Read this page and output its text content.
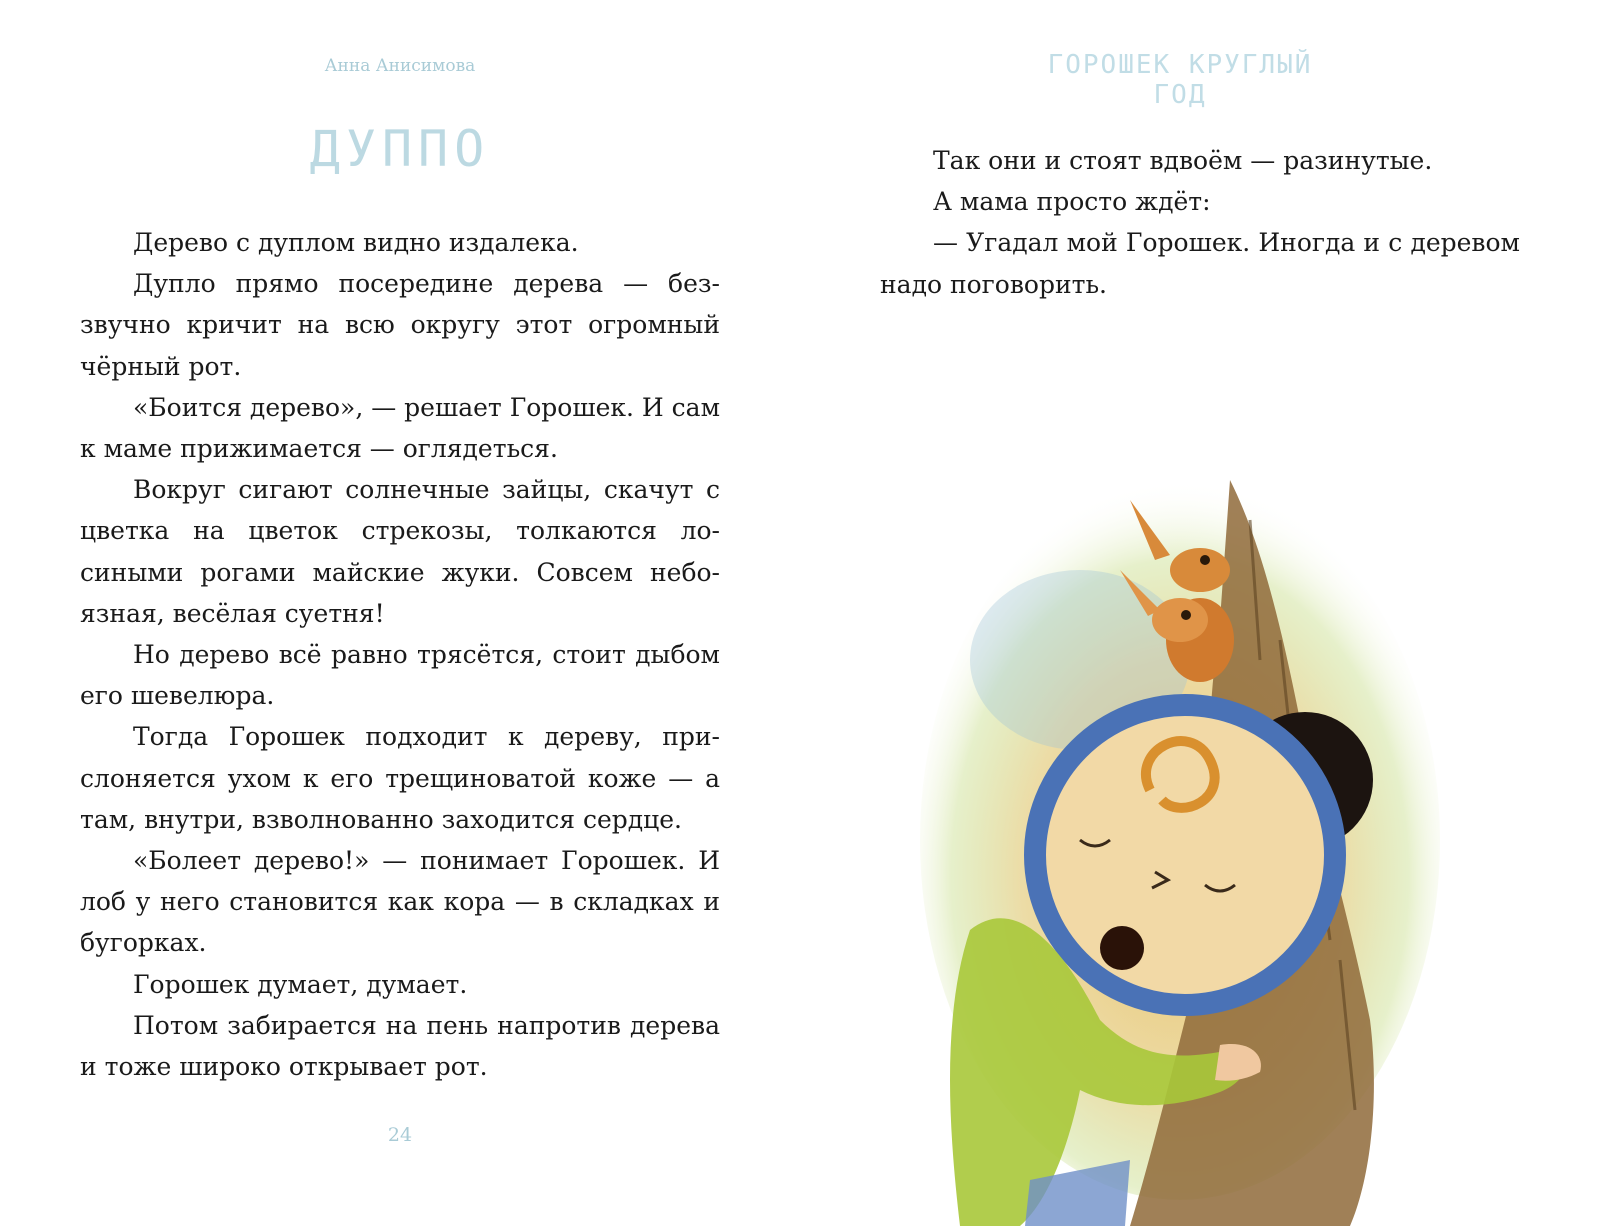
Анна Анисимова
ДУППО

Дерево с дуплом видно издалека.

Дупло прямо посередине дерева — беззвучно кричит на всю округу этот огромный чёрный рот.

«Боится дерево», — решает Горошек. И сам к маме прижимается — оглядеться.

Вокруг сигают солнечные зайцы, скачут с цветка на цветок стрекозы, толкаются лосиными рогами майские жуки. Совсем небоязная, весёлая суетня!

Но дерево всё равно трясётся, стоит дыбом его шевелюра.

Тогда Горошек подходит к дереву, прислоняется ухом к его трещиноватой коже — а там, внутри, взволнованно заходится сердце.

«Болеет дерево!» — понимает Горошек. И лоб у него становится как кора — в складках и бугорках.

Горошек думает, думает.

Потом забирается на пень напротив дерева и тоже широко открывает рот.

24
ГОРОШЕК КРУГЛЫЙ ГОД

Так они и стоят вдвоём — разинутые.

А мама просто ждёт:

— Угадал мой Горошек. Иногда и с деревом надо поговорить.
